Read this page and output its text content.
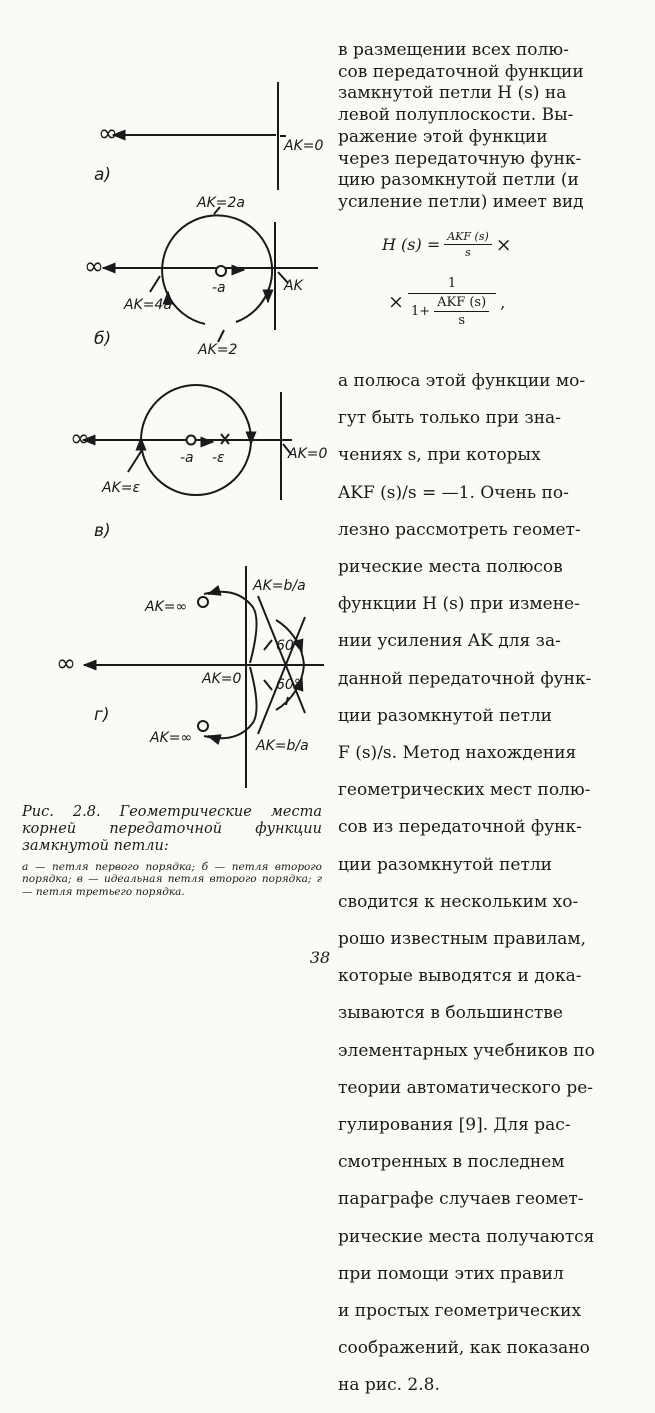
∞	AK=0
а)
∞
AK=2a
AK=4a
AK
-a
AK=2
б)
∞
AK=0
AK=ε
-a -ε
в)
∞
AK=∞
AK=∞
AK=b/a
AK=b/a
AK=0
60°
60°
г)

в размещении всех полю-

сов передаточной функции

замкнутой петли H (s) на

левой полуплоскости. Вы-

ражение этой функции

через передаточную функ-

цию разомкнутой петли (и

усиление петли) имеет вид

H $(s) = \frac{\text{AKF (s)}}{s}$ ×
× $\frac{1}{1+ \frac{\text{AKF (s)}}{s}}$ ,

а полюса этой функции мо-

гут быть только при зна-

чениях s, при которых

AKF (s)/s = —1. Очень по-

лезно рассмотреть геомет-

рические места полюсов

функции H (s) при измене-

нии усиления AK для за-

данной передаточной функ-

ции разомкнутой петли

F (s)/s. Метод нахождения

геометрических мест полю-

сов из передаточной функ-

ции разомкнутой петли

сводится к нескольким хо-

рошо известным правилам,

которые выводятся и дока-

зываются в большинстве

элементарных учебников по

теории автоматического ре-

гулирования [9]. Для рас-

смотренных в последнем

параграфе случаев геомет-

рические места получаются

при помощи этих правил

и простых геометрических

соображений, как показано

на рис. 2.8.

Рис. 2.8. Геометрические места корней передаточной функции замкнутой петли:
а — петля первого порядка; б — петля второго порядка; в — идеальная петля второго порядка; г — петля третьего порядка.
38
